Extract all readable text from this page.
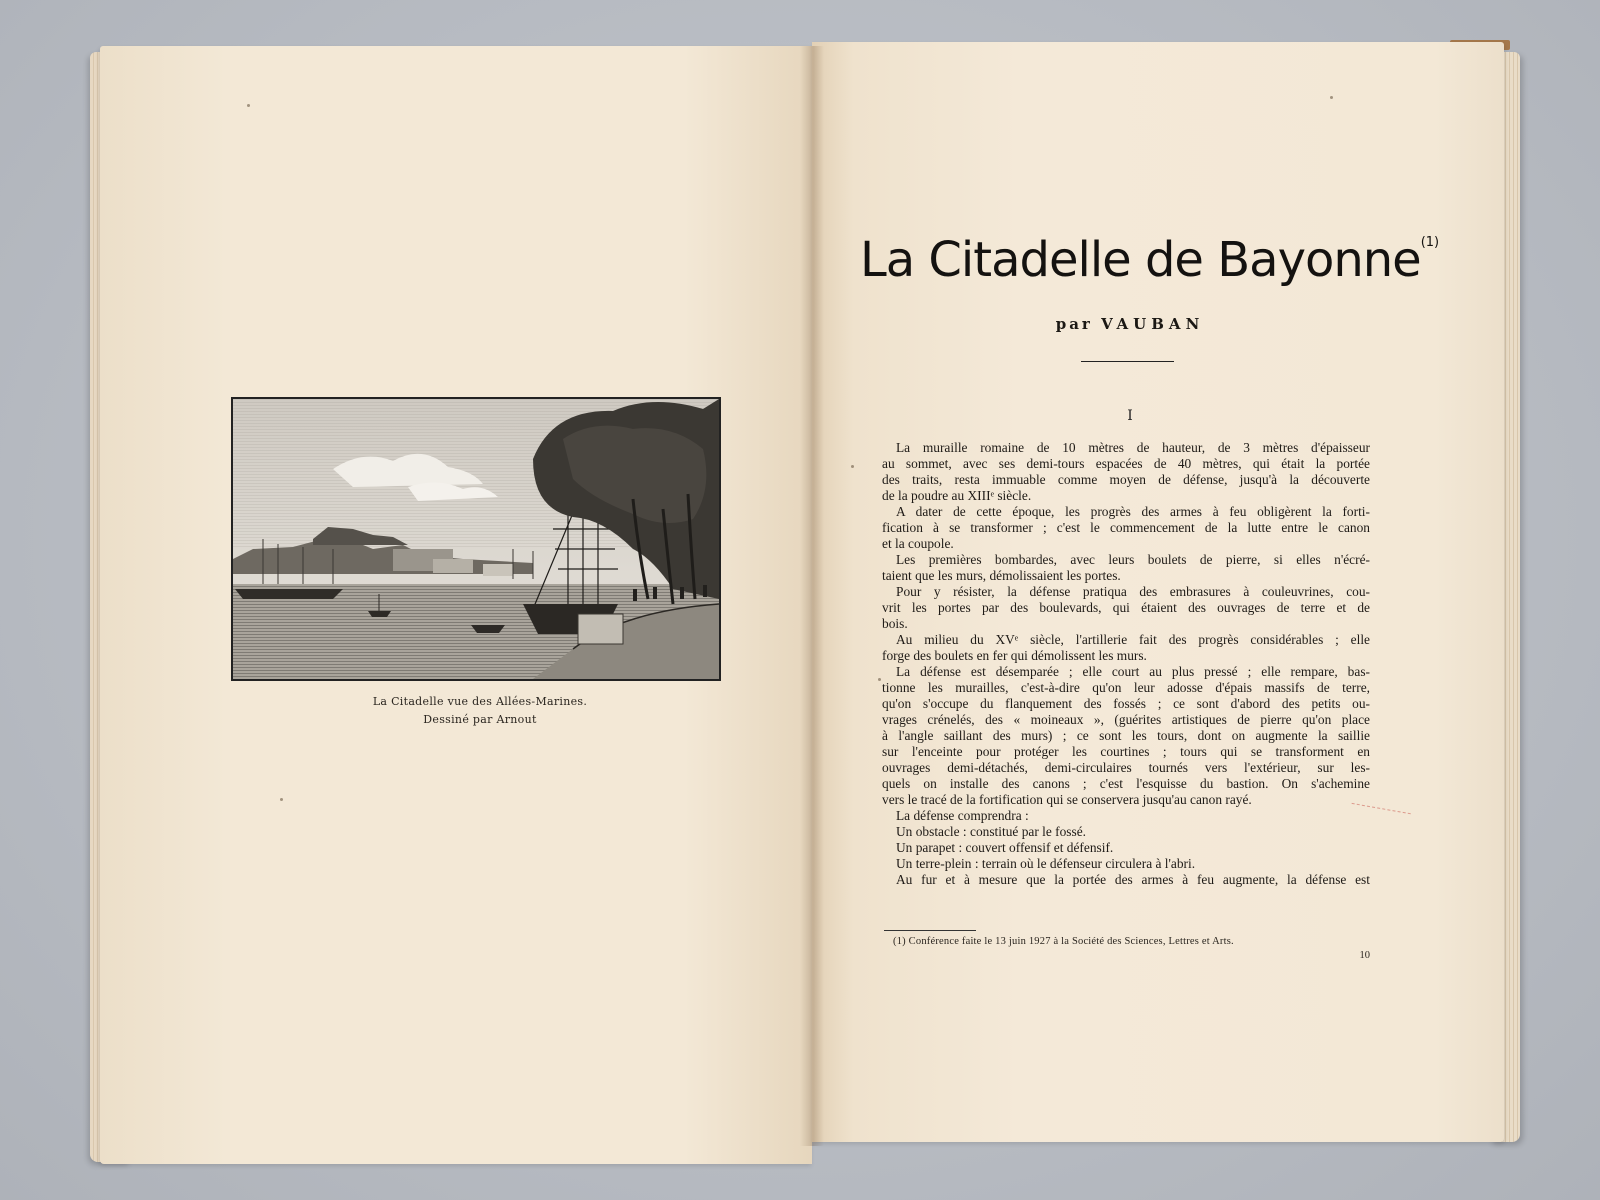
La Citadelle vue des Allées-Marines.
Dessiné par Arnout
La Citadelle de Bayonne$^{(1)}$
par VAUBAN
I
La muraille romaine de 10 mètres de hauteur, de 3 mètres d'épaisseur
au sommet, avec ses demi-tours espacées de 40 mètres, qui était la portée
des traits, resta immuable comme moyen de défense, jusqu'à la découverte
de la poudre au XIIIᵉ siècle.
A dater de cette époque, les progrès des armes à feu obligèrent la forti-
fication à se transformer ; c'est le commencement de la lutte entre le canon
et la coupole.
Les premières bombardes, avec leurs boulets de pierre, si elles n'écré-
taient que les murs, démolissaient les portes.
Pour y résister, la défense pratiqua des embrasures à couleuvrines, cou-
vrit les portes par des boulevards, qui étaient des ouvrages de terre et de
bois.
Au milieu du XVᵉ siècle, l'artillerie fait des progrès considérables ; elle
forge des boulets en fer qui démolissent les murs.
La défense est désemparée ; elle court au plus pressé ; elle rempare, bas-
tionne les murailles, c'est-à-dire qu'on leur adosse d'épais massifs de terre,
qu'on s'occupe du flanquement des fossés ; ce sont d'abord des petits ou-
vrages crénelés, des « moineaux », (guérites artistiques de pierre qu'on place
à l'angle saillant des murs) ; ce sont les tours, dont on augmente la saillie
sur l'enceinte pour protéger les courtines ; tours qui se transforment en
ouvrages demi-détachés, demi-circulaires tournés vers l'extérieur, sur les-
quels on installe des canons ; c'est l'esquisse du bastion. On s'achemine
vers le tracé de la fortification qui se conservera jusqu'au canon rayé.
La défense comprendra :
Un obstacle : constitué par le fossé.
Un parapet : couvert offensif et défensif.
Un terre-plein : terrain où le défenseur circulera à l'abri.
Au fur et à mesure que la portée des armes à feu augmente, la défense est
(1) Conférence faite le 13 juin 1927 à la Société des Sciences, Lettres et Arts.
10
